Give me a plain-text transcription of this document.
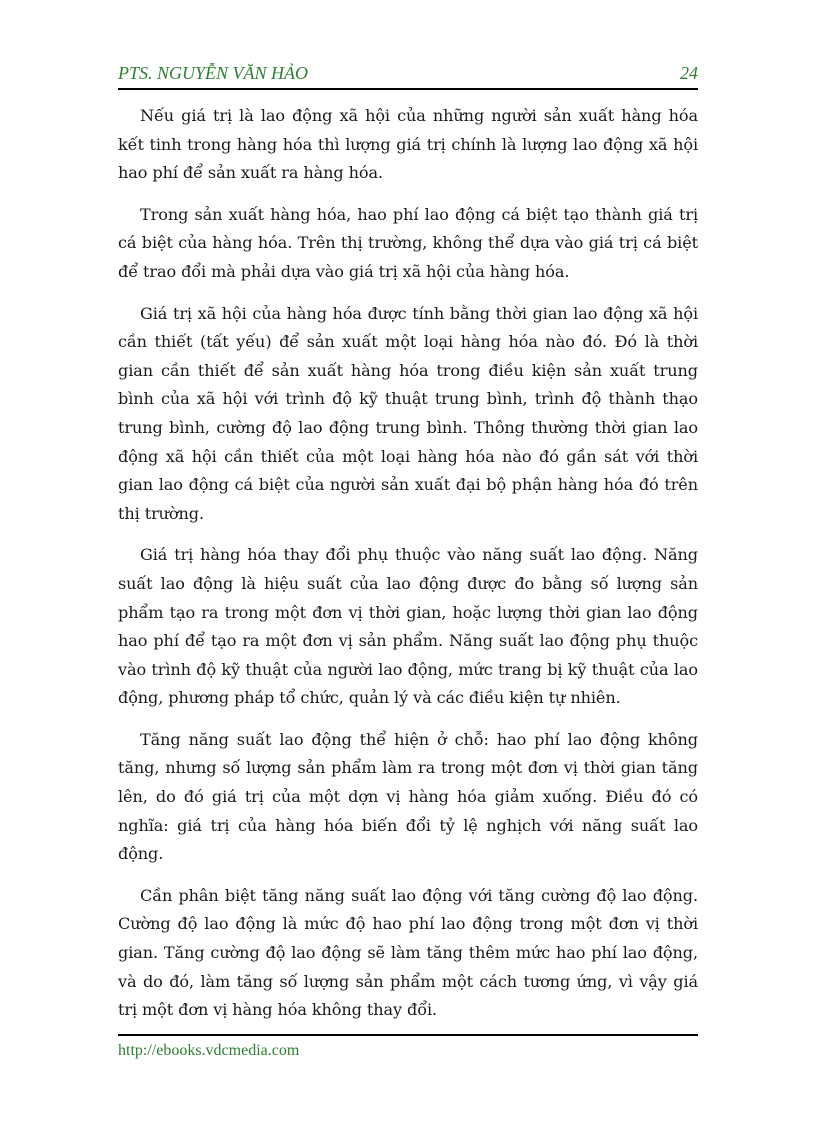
PTS. NGUYỄN VĂN HẢO	24

Nếu giá trị là lao động xã hội của những người sản xuất hàng hóa kết tinh trong hàng hóa thì lượng giá trị chính là lượng lao động xã hội hao phí để sản xuất ra hàng hóa.

Trong sản xuất hàng hóa, hao phí lao động cá biệt tạo thành giá trị cá biệt của hàng hóa. Trên thị trường, không thể dựa vào giá trị cá biệt để trao đổi mà phải dựa vào giá trị xã hội của hàng hóa.

Giá trị xã hội của hàng hóa được tính bằng thời gian lao động xã hội cần thiết (tất yếu) để sản xuất một loại hàng hóa nào đó. Đó là thời gian cần thiết để sản xuất hàng hóa trong điều kiện sản xuất trung bình của xã hội với trình độ kỹ thuật trung bình, trình độ thành thạo trung bình, cường độ lao động trung bình. Thông thường thời gian lao động xã hội cần thiết của một loại hàng hóa nào đó gần sát với thời gian lao động cá biệt của người sản xuất đại bộ phận hàng hóa đó trên thị trường.

Giá trị hàng hóa thay đổi phụ thuộc vào năng suất lao động. Năng suất lao động là hiệu suất của lao động được đo bằng số lượng sản phẩm tạo ra trong một đơn vị thời gian, hoặc lượng thời gian lao động hao phí để tạo ra một đơn vị sản phẩm. Năng suất lao động phụ thuộc vào trình độ kỹ thuật của người lao động, mức trang bị kỹ thuật của lao động, phương pháp tổ chức, quản lý và các điều kiện tự nhiên.

Tăng năng suất lao động thể hiện ở chỗ: hao phí lao động không tăng, nhưng số lượng sản phẩm làm ra trong một đơn vị thời gian tăng lên, do đó giá trị của một dợn vị hàng hóa giảm xuống. Điều đó có nghĩa: giá trị của hàng hóa biến đổi tỷ lệ nghịch với năng suất lao động.

Cần phân biệt tăng năng suất lao động với tăng cường độ lao động. Cường độ lao động là mức độ hao phí lao động trong một đơn vị thời gian. Tăng cường độ lao động sẽ làm tăng thêm mức hao phí lao động, và do đó, làm tăng số lượng sản phẩm một cách tương ứng, vì vậy giá trị một đơn vị hàng hóa không thay đổi.

http://ebooks.vdcmedia.com
